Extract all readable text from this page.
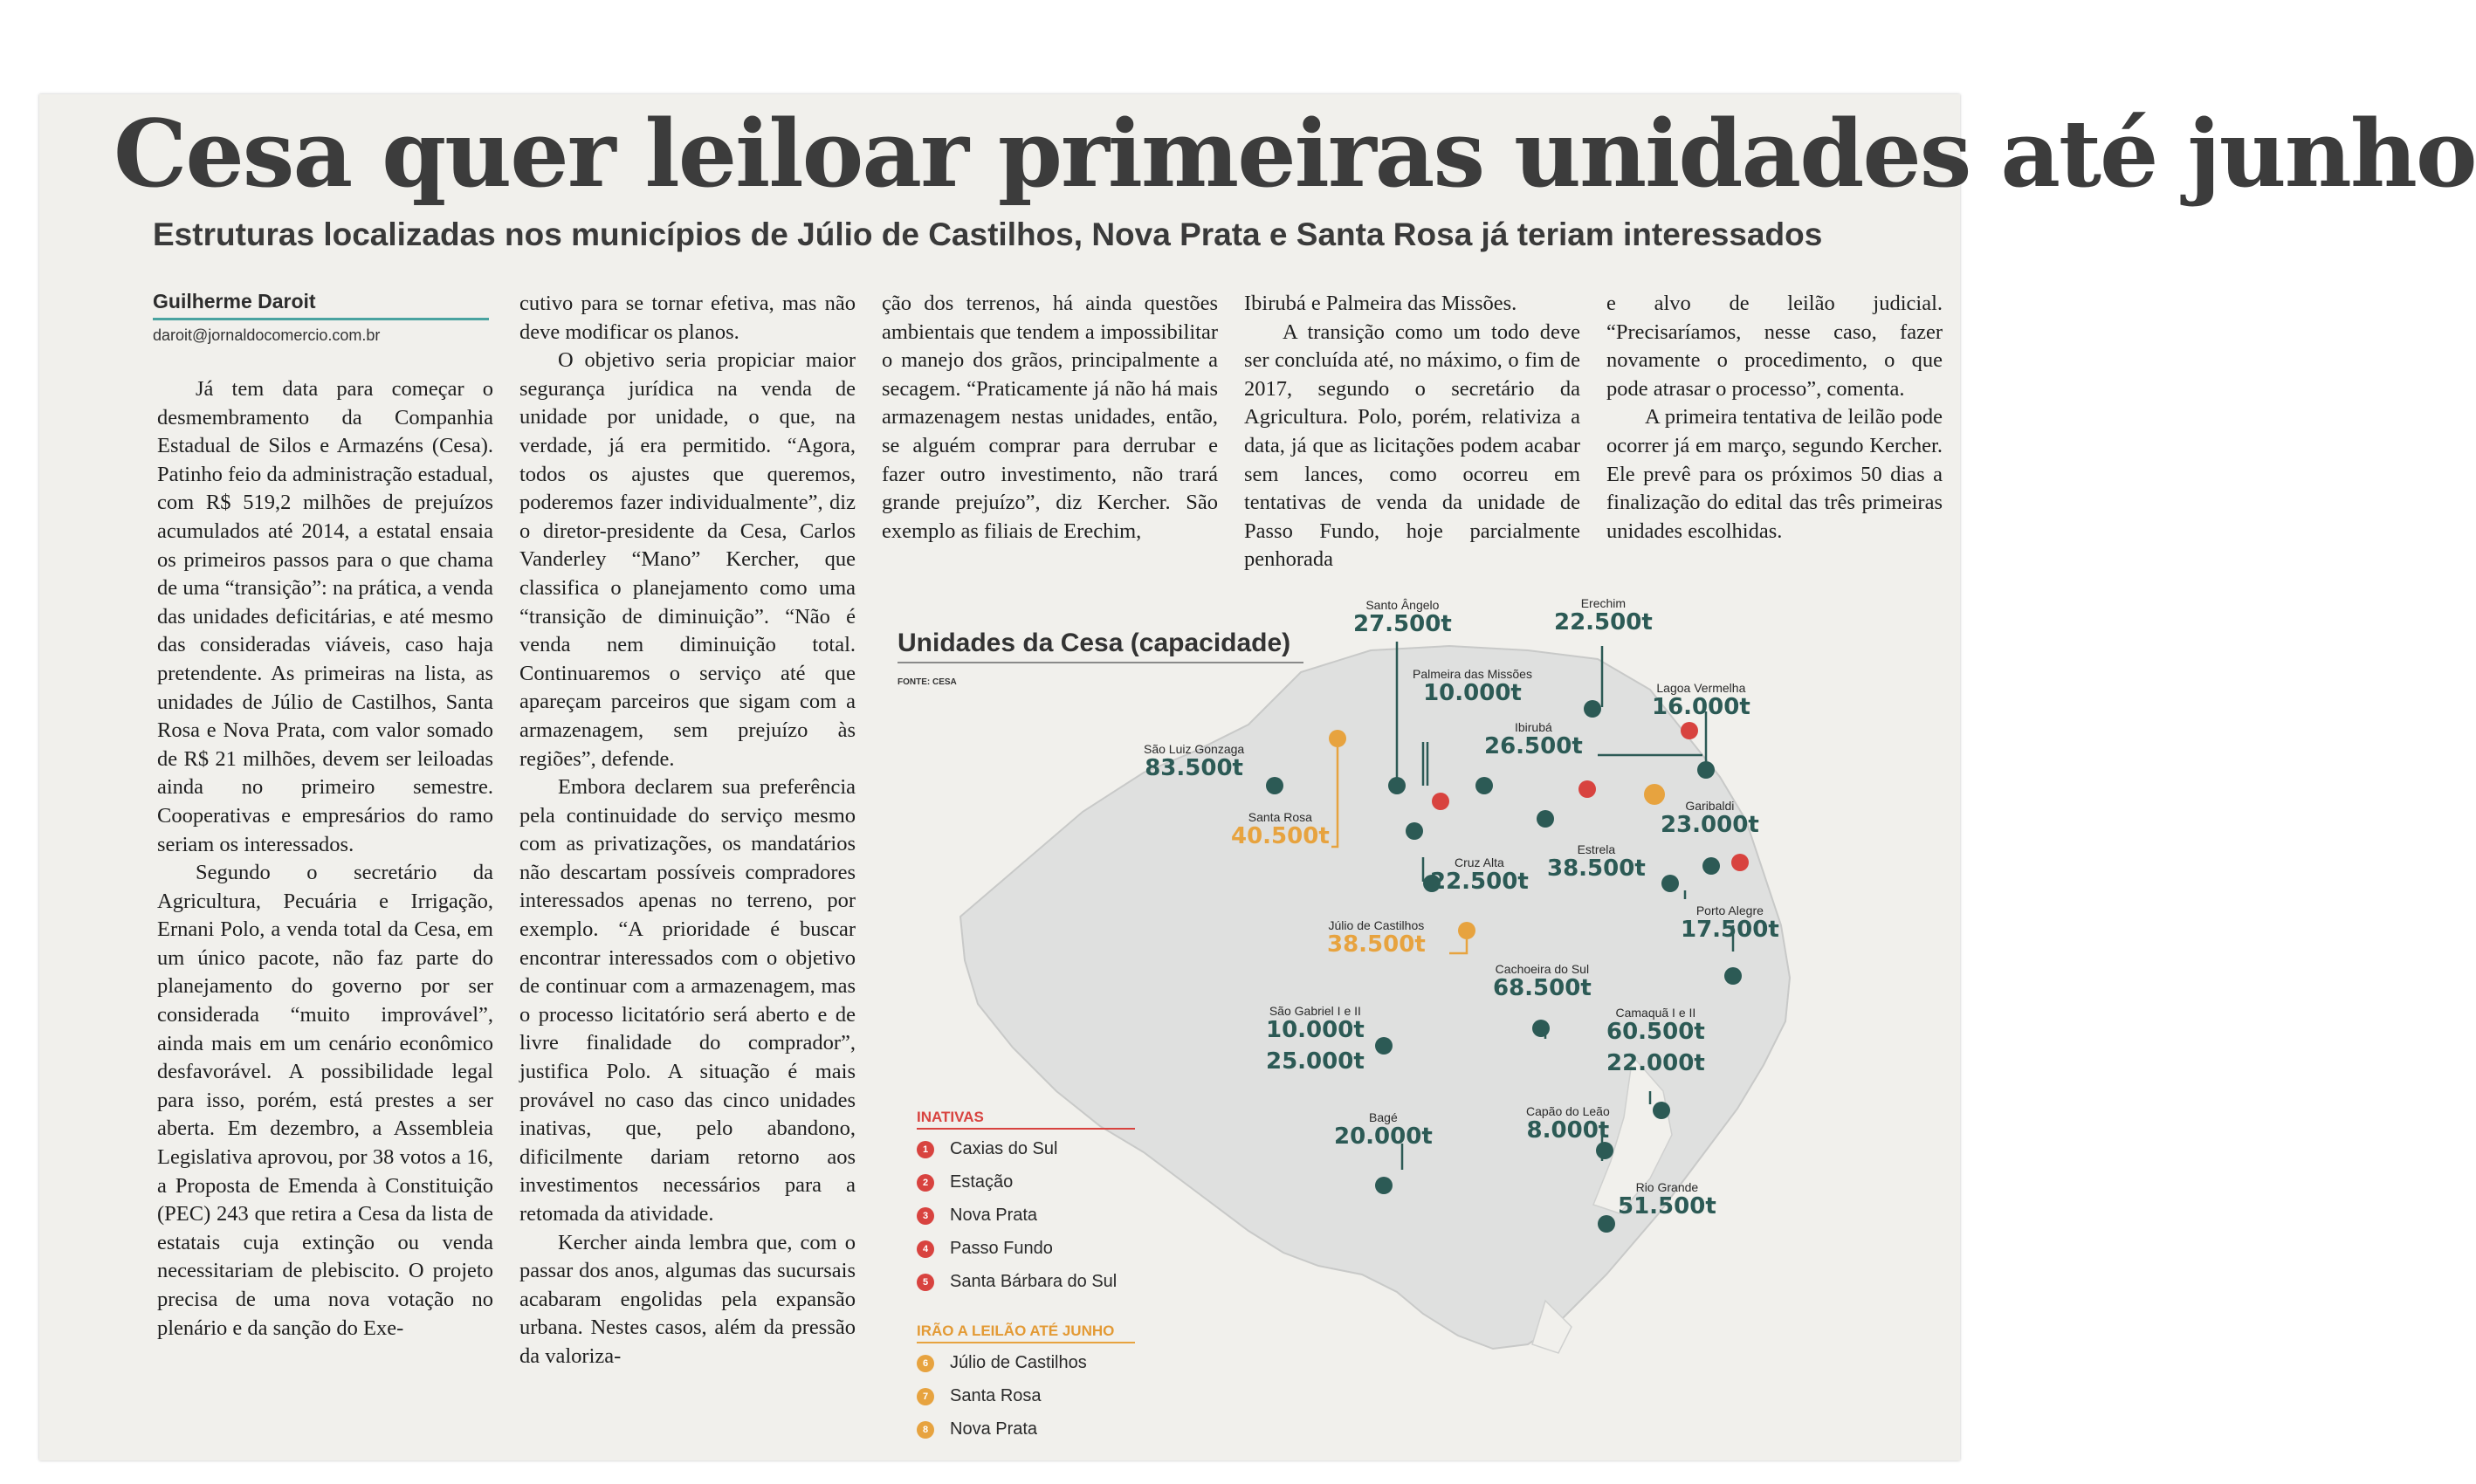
Cesa quer leiloar primeiras unidades até junho
Estruturas localizadas nos municípios de Júlio de Castilhos, Nova Prata e Santa Rosa já teriam interessados
Guilherme Daroit
daroit@jornaldocomercio.com.br

Já tem data para começar o desmembramento da Companhia Estadual de Silos e Armazéns (Cesa). Patinho feio da administração estadual, com R$ 519,2 milhões de prejuízos acumulados até 2014, a estatal ensaia os primeiros passos para o que chama de uma “transição”: na prática, a venda das unidades deficitárias, e até mesmo das consideradas viáveis, caso haja pretendente. As primeiras na lista, as unidades de Júlio de Castilhos, Santa Rosa e Nova Prata, com valor somado de R$ 21 milhões, devem ser leiloadas ainda no primeiro semestre. Cooperativas e empresários do ramo seriam os interessados.

Segundo o secretário da Agricultura, Pecuária e Irrigação, Ernani Polo, a venda total da Cesa, em um único pacote, não faz parte do planejamento do governo por ser considerada “muito improvável”, ainda mais em um cenário econômico desfavorável. A possibilidade legal para isso, porém, está prestes a ser aberta. Em dezembro, a Assembleia Legislativa aprovou, por 38 votos a 16, a Proposta de Emenda à Constituição (PEC) 243 que retira a Cesa da lista de estatais cuja extinção ou venda necessitariam de plebiscito. O projeto precisa de uma nova votação no plenário e da sanção do Exe-

cutivo para se tornar efetiva, mas não deve modificar os planos.

O objetivo seria propiciar maior segurança jurídica na venda de unidade por unidade, o que, na verdade, já era permitido. “Agora, todos os ajustes que queremos, poderemos fazer individualmente”, diz o diretor-presidente da Cesa, Carlos Vanderley “Mano” Kercher, que classifica o planejamento como uma “transição de diminuição”. “Não é venda nem diminuição total. Continuaremos o serviço até que apareçam parceiros que sigam com a armazenagem, sem prejuízo às regiões”, defende.

Embora declarem sua preferência pela continuidade do serviço mesmo com as privatizações, os mandatários não descartam possíveis compradores interessados apenas no terreno, por exemplo. “A prioridade é buscar encontrar interessados com o objetivo de continuar com a armazenagem, mas o processo licitatório será aberto e de livre finalidade do comprador”, justifica Polo. A situação é mais provável no caso das cinco unidades inativas, que, pelo abandono, dificilmente dariam retorno aos investimentos necessários para a retomada da atividade.

Kercher ainda lembra que, com o passar dos anos, algumas das sucursais acabaram engolidas pela expansão urbana. Nestes casos, além da pressão da valoriza-

ção dos terrenos, há ainda questões ambientais que tendem a impossibilitar o manejo dos grãos, principalmente a secagem. “Praticamente já não há mais armazenagem nestas unidades, então, se alguém comprar para derrubar e fazer outro investimento, não trará grande prejuízo”, diz Kercher. São exemplo as filiais de Erechim,

Ibirubá e Palmeira das Missões.

A transição como um todo deve ser concluída até, no máximo, o fim de 2017, segundo o secretário da Agricultura. Polo, porém, relativiza a data, já que as licitações podem acabar sem lances, como ocorreu em tentativas de venda da unidade de Passo Fundo, hoje parcialmente penhorada

e alvo de leilão judicial. “Precisaríamos, nesse caso, fazer novamente o procedimento, o que pode atrasar o processo”, comenta.

A primeira tentativa de leilão pode ocorrer já em março, segundo Kercher. Ele prevê para os próximos 50 dias a finalização do edital das três primeiras unidades escolhidas.

Unidades da Cesa (capacidade)
FONTE: CESA
Santo Ângelo
27.500t
Erechim
22.500t
Palmeira das Missões
10.000t	Lagoa Vermelha
16.000t
São Luiz Gonzaga
83.500t
Ibirubá
26.500t
Santa Rosa
40.500t
Garibaldi
23.000t
Cruz Alta
22.500t
Estrela
38.500t
Júlio de Castilhos
38.500t
Porto Alegre
17.500t
Cachoeira do Sul
68.500t
São Gabriel I e II
10.000t
25.000t
Camaquã I e II
60.500t
22.000t
Bagé
20.000t
Capão do Leão
8.000t
Rio Grande
51.500t
INATIVAS
1 Caxias do Sul
2 Estação
3 Nova Prata
4 Passo Fundo
5 Santa Bárbara do Sul
IRÃO A LEILÃO ATÉ JUNHO
6 Júlio de Castilhos
7 Santa Rosa
8 Nova Prata
